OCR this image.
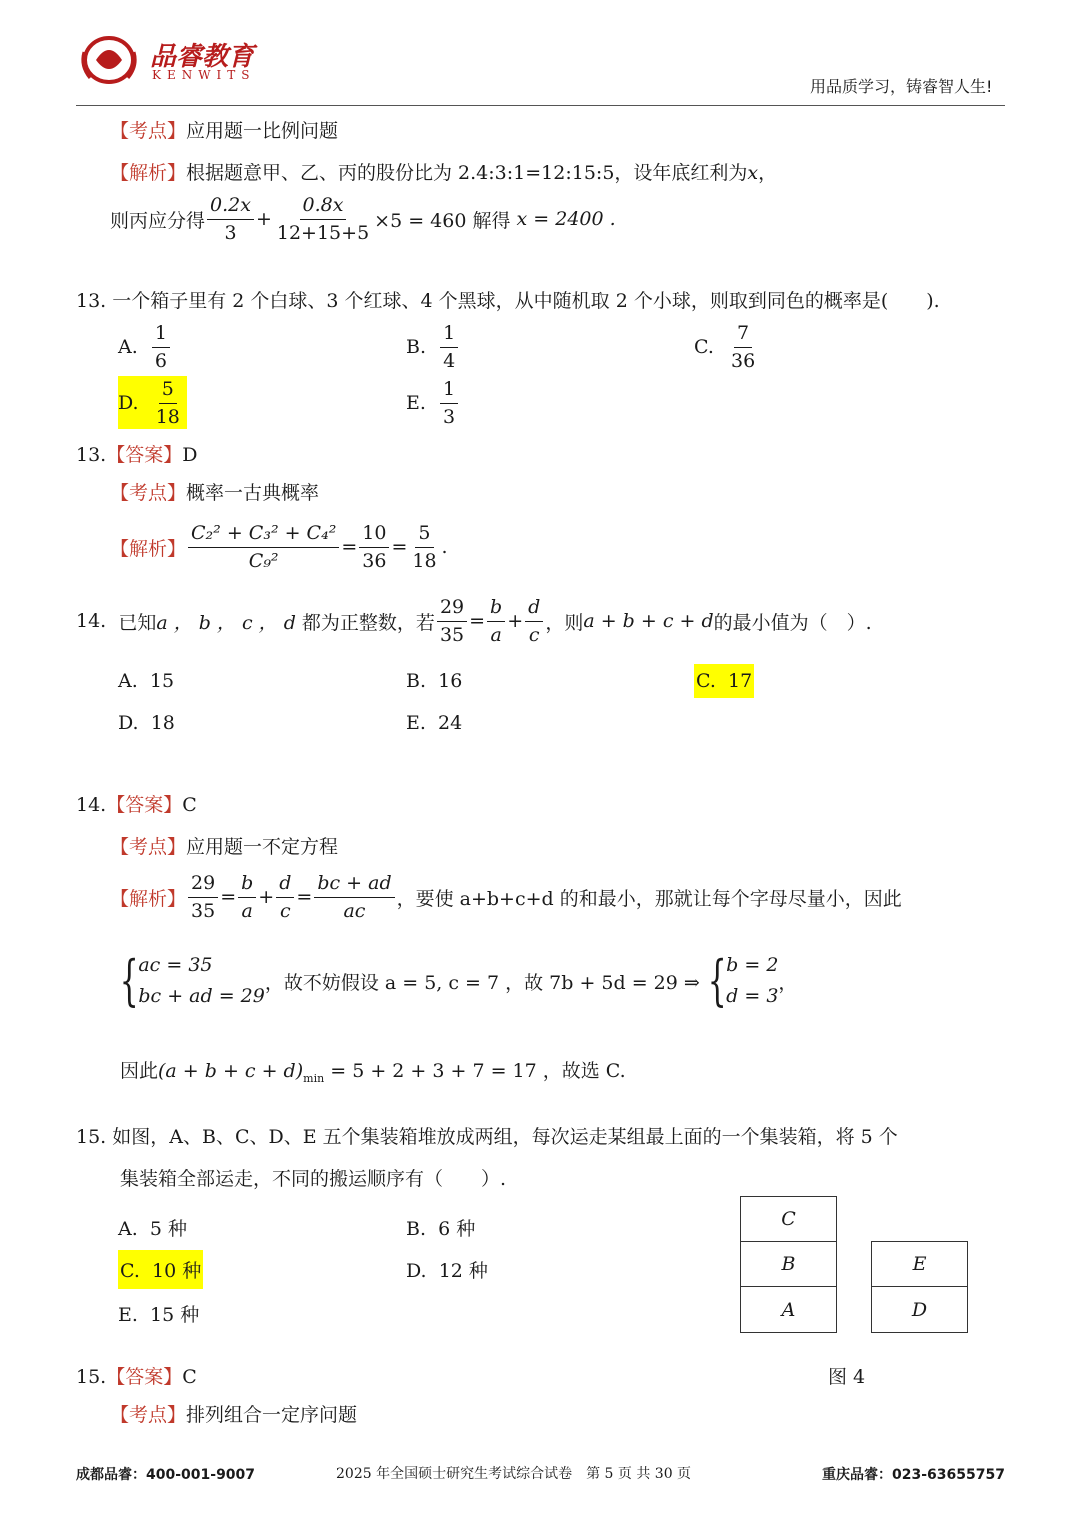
品睿教育
KENWITS
用品质学习，铸睿智人生!
【考点】应用题一比例问题
【解析】根据题意甲、乙、丙的股份比为 2.4:3:1=12:15:5，设年底红利为x，
则丙应分得 $\frac{0.2x}{3} + \frac{0.8x}{12+15+5} \times 5 = 460$ 解得
x = 2400 .
13. 一个箱子里有 2 个白球、3 个红球、4 个黑球，从中随机取 2 个小球，则取到同色的概率是(　　).
A.
$\frac{1}{6}$	B.
$\frac{1}{4}$	C.
$\frac{7}{36}$
D.
$\frac{5}{18}$	E.
$\frac{1}{3}$
13.【答案】D
【考点】概率一古典概率
【解析】 $\frac{\text{C₂² + C₃² + C₄²}}{\text{C₉²}} = \frac{10}{36} = \frac{5}{18}$ .
14.
已知 a ， b ， c ， d
都为正整数，若 $\frac{29}{35} = \frac{b}{a} + \frac{d}{c}$ ，则 a + b + c + d 的最小值为（　）.
A. 15	B. 16	C. 17
D. 18	E. 24
14.【答案】C
【考点】应用题一不定方程
【解析】 $\frac{29}{35} = \frac{b}{a} + \frac{d}{c} = \frac{bc + ad}{ac}$ ，要使 a+b+c+d 的和最小，那就让每个字母尽量小，因此
{ ac = 35
bc + ad = 29
，故不妨假设 a = 5, c = 7 ，故 7b + 5d = 29 ⇒ { b = 2
d = 3
，
因此$(a + b + c + d)_{min} = 5 + 2 + 3 + 7 = 17$ ，故选 C.
15. 如图，A、B、C、D、E 五个集装箱堆放成两组，每次运走某组最上面的一个集装箱，将 5 个
集装箱全部运走，不同的搬运顺序有（　　）.
A. 5 种	B. 6 种
C. 10 种	D. 12 种
E. 15 种
C
B
A
E
D
图 4
15.【答案】C
【考点】排列组合一定序问题
成都品睿：400-001-9007	2025 年全国硕士研究生考试综合试卷　第 5 页 共 30 页	重庆品睿：023-63655757
